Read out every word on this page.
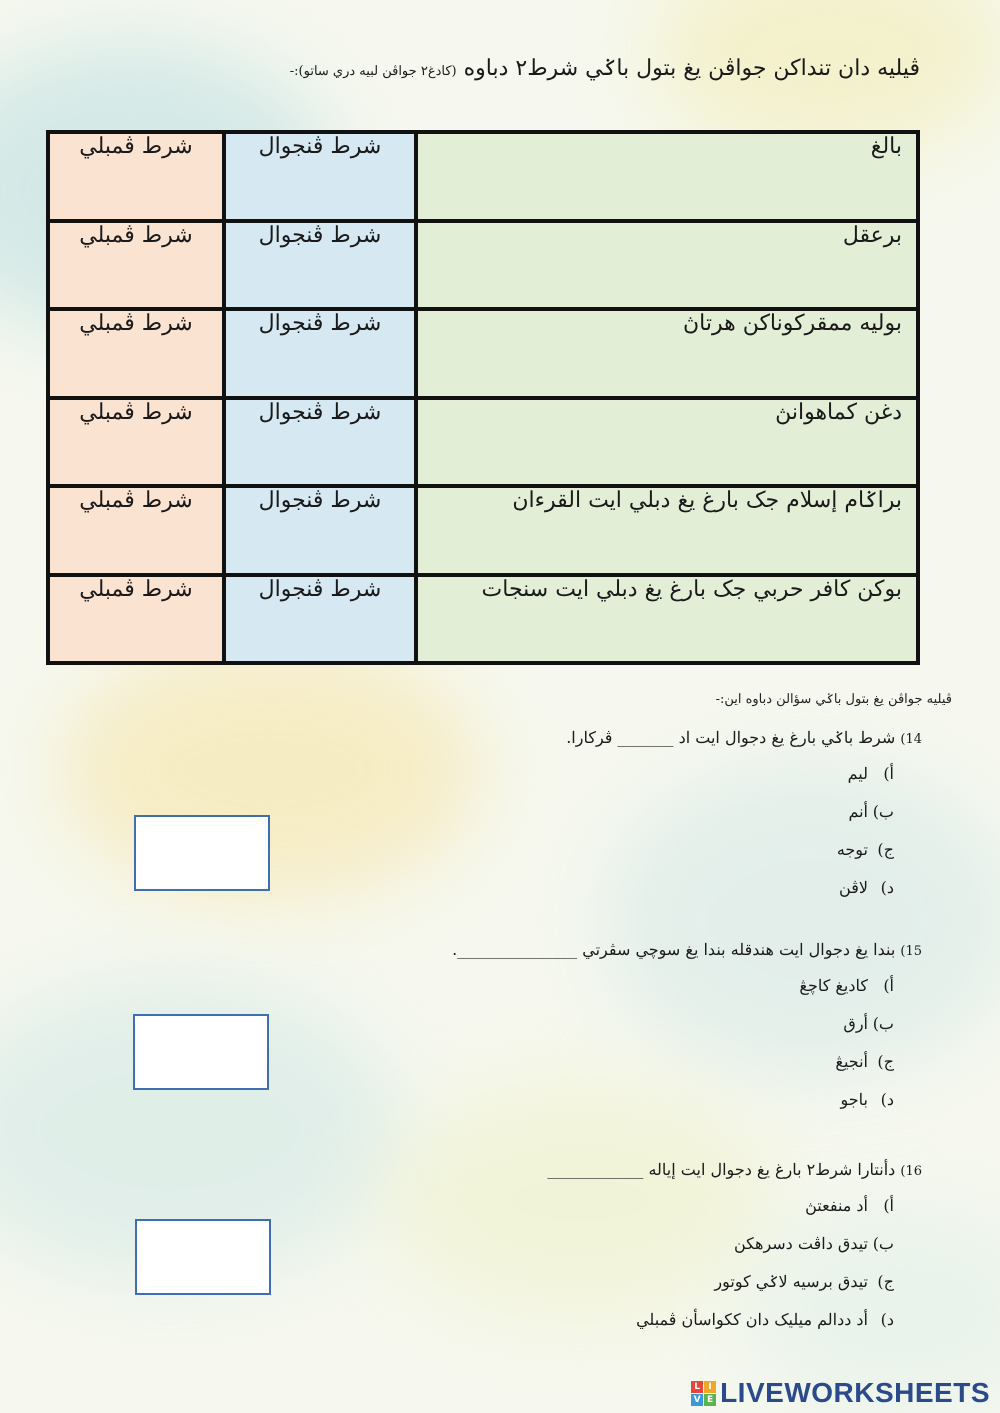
ڤيليه دان تنداکن جواڤن يغ بتول باݢي شرط٢ دباوه (کادغ٢ جواڤن لبيه دري ساتو):-
بالغ	شرط ڤنجوال	شرط ڤمبلي
برعقل	شرط ڤنجوال	شرط ڤمبلي
بوليه ممقرکوناکن هرتاڽ	شرط ڤنجوال	شرط ڤمبلي
دغن کماهوانڽ	شرط ڤنجوال	شرط ڤمبلي
براݢام إسلام جک بارغ يغ دبلي ايت القرءان	شرط ڤنجوال	شرط ڤمبلي
بوکن کافر حربي جک بارغ يغ دبلي ايت سنجات	شرط ڤنجوال	شرط ڤمبلي
ڤيليه جواڤن يغ بتول باݢي سؤالن دباوه اين:-
14) شرط باݢي بارغ يغ دجوال ايت اد _______ ڤرکارا.
أ)ليم
ب)أنم
ج)توجه
د)لاڤن
15) بندا يغ دجوال ايت هندقله بندا يغ سوچي سڤرتي _______________.
أ)کاديغ کاچڠ
ب)أرق
ج)أنجيڠ
د)باجو
16) دأنتارا شرط٢ بارغ يغ دجوال ايت إياله ____________
أ)أد منفعتڽ
ب)تيدق داڤت دسرهکن
ج)تيدق برسيه لاݢي کوتور
د)أد ددالم ميليک دان ککواسأن ڤمبلي
L I
V E LIVEWORKSHEETS
